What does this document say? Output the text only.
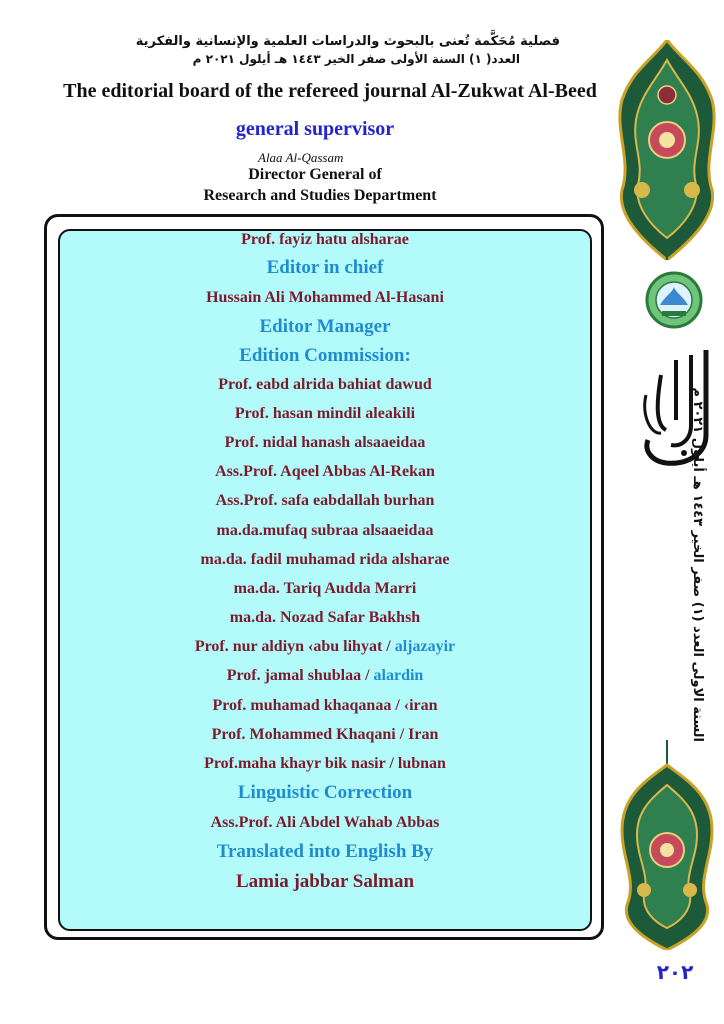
فصلية مُحَكَّمة تُعنى بالبحوث والدراسات العلمية والإنسانية والفكرية
العدد( ١) السنة الأولى صفر الخير ١٤٤٣ هـ أيلول ٢٠٢١ م
The editorial board of the refereed journal Al-Zukwat Al-Beed
general supervisor
Alaa Al-Qassam
Director General of
Research and Studies Department
Prof. fayiz hatu alsharae
Editor in chief
Hussain Ali Mohammed Al-Hasani
Editor Manager
Edition Commission:
Prof. eabd alrida bahiat dawud
Prof. hasan mindil aleakili
Prof. nidal hanash alsaaeidaa
Ass.Prof. Aqeel Abbas Al-Rekan
Ass.Prof. safa eabdallah burhan
ma.da.mufaq subraa alsaaeidaa
ma.da. fadil muhamad rida alsharae
ma.da. Tariq Audda Marri
ma.da. Nozad Safar Bakhsh
Prof. nur aldiyn ‹abu lihyat / aljazayir
Prof. jamal shublaa / alardin
Prof. muhamad khaqanaa / ‹iran
Prof. Mohammed Khaqani / Iran
Prof.maha khayr bik nasir / lubnan
Linguistic Correction
Ass.Prof. Ali Abdel Wahab Abbas
Translated into English By
Lamia jabbar Salman
السنة الاولى العدد (١) صفر الخير ١٤٤٣ هـ أيلول ٢٠٢١ م
٢٠٢
